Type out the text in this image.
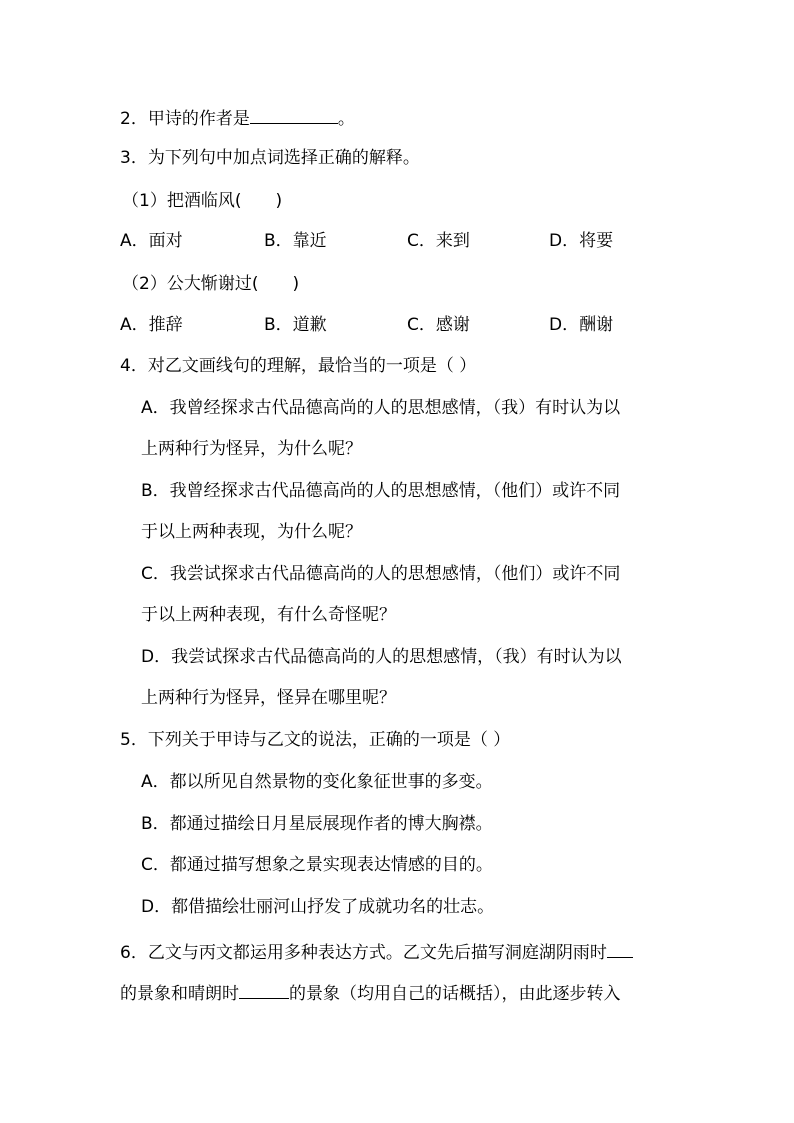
2．甲诗的作者是	。
3．为下列句中加点词选择正确的解释。
（1）把酒临风(　　)
A．面对	B．靠近	C．来到	D．将要
（2）公大惭谢过(　　)
A．推辞	B．道歉	C．感谢	D．酬谢
4．对乙文画线句的理解，最恰当的一项是（ ）
A．我曾经探求古代品德高尚的人的思想感情，（我）有时认为以
上两种行为怪异，为什么呢？
B．我曾经探求古代品德高尚的人的思想感情，（他们）或许不同
于以上两种表现，为什么呢？
C．我尝试探求古代品德高尚的人的思想感情，（他们）或许不同
于以上两种表现，有什么奇怪呢？
D．我尝试探求古代品德高尚的人的思想感情，（我）有时认为以
上两种行为怪异，怪异在哪里呢？
5．下列关于甲诗与乙文的说法，正确的一项是（ ）
A．都以所见自然景物的变化象征世事的多变。
B．都通过描绘日月星辰展现作者的博大胸襟。
C．都通过描写想象之景实现表达情感的目的。
D．都借描绘壮丽河山抒发了成就功名的壮志。
6．乙文与丙文都运用多种表达方式。乙文先后描写洞庭湖阴雨时
的景象和晴朗时	的景象（均用自己的话概括），由此逐步转入
